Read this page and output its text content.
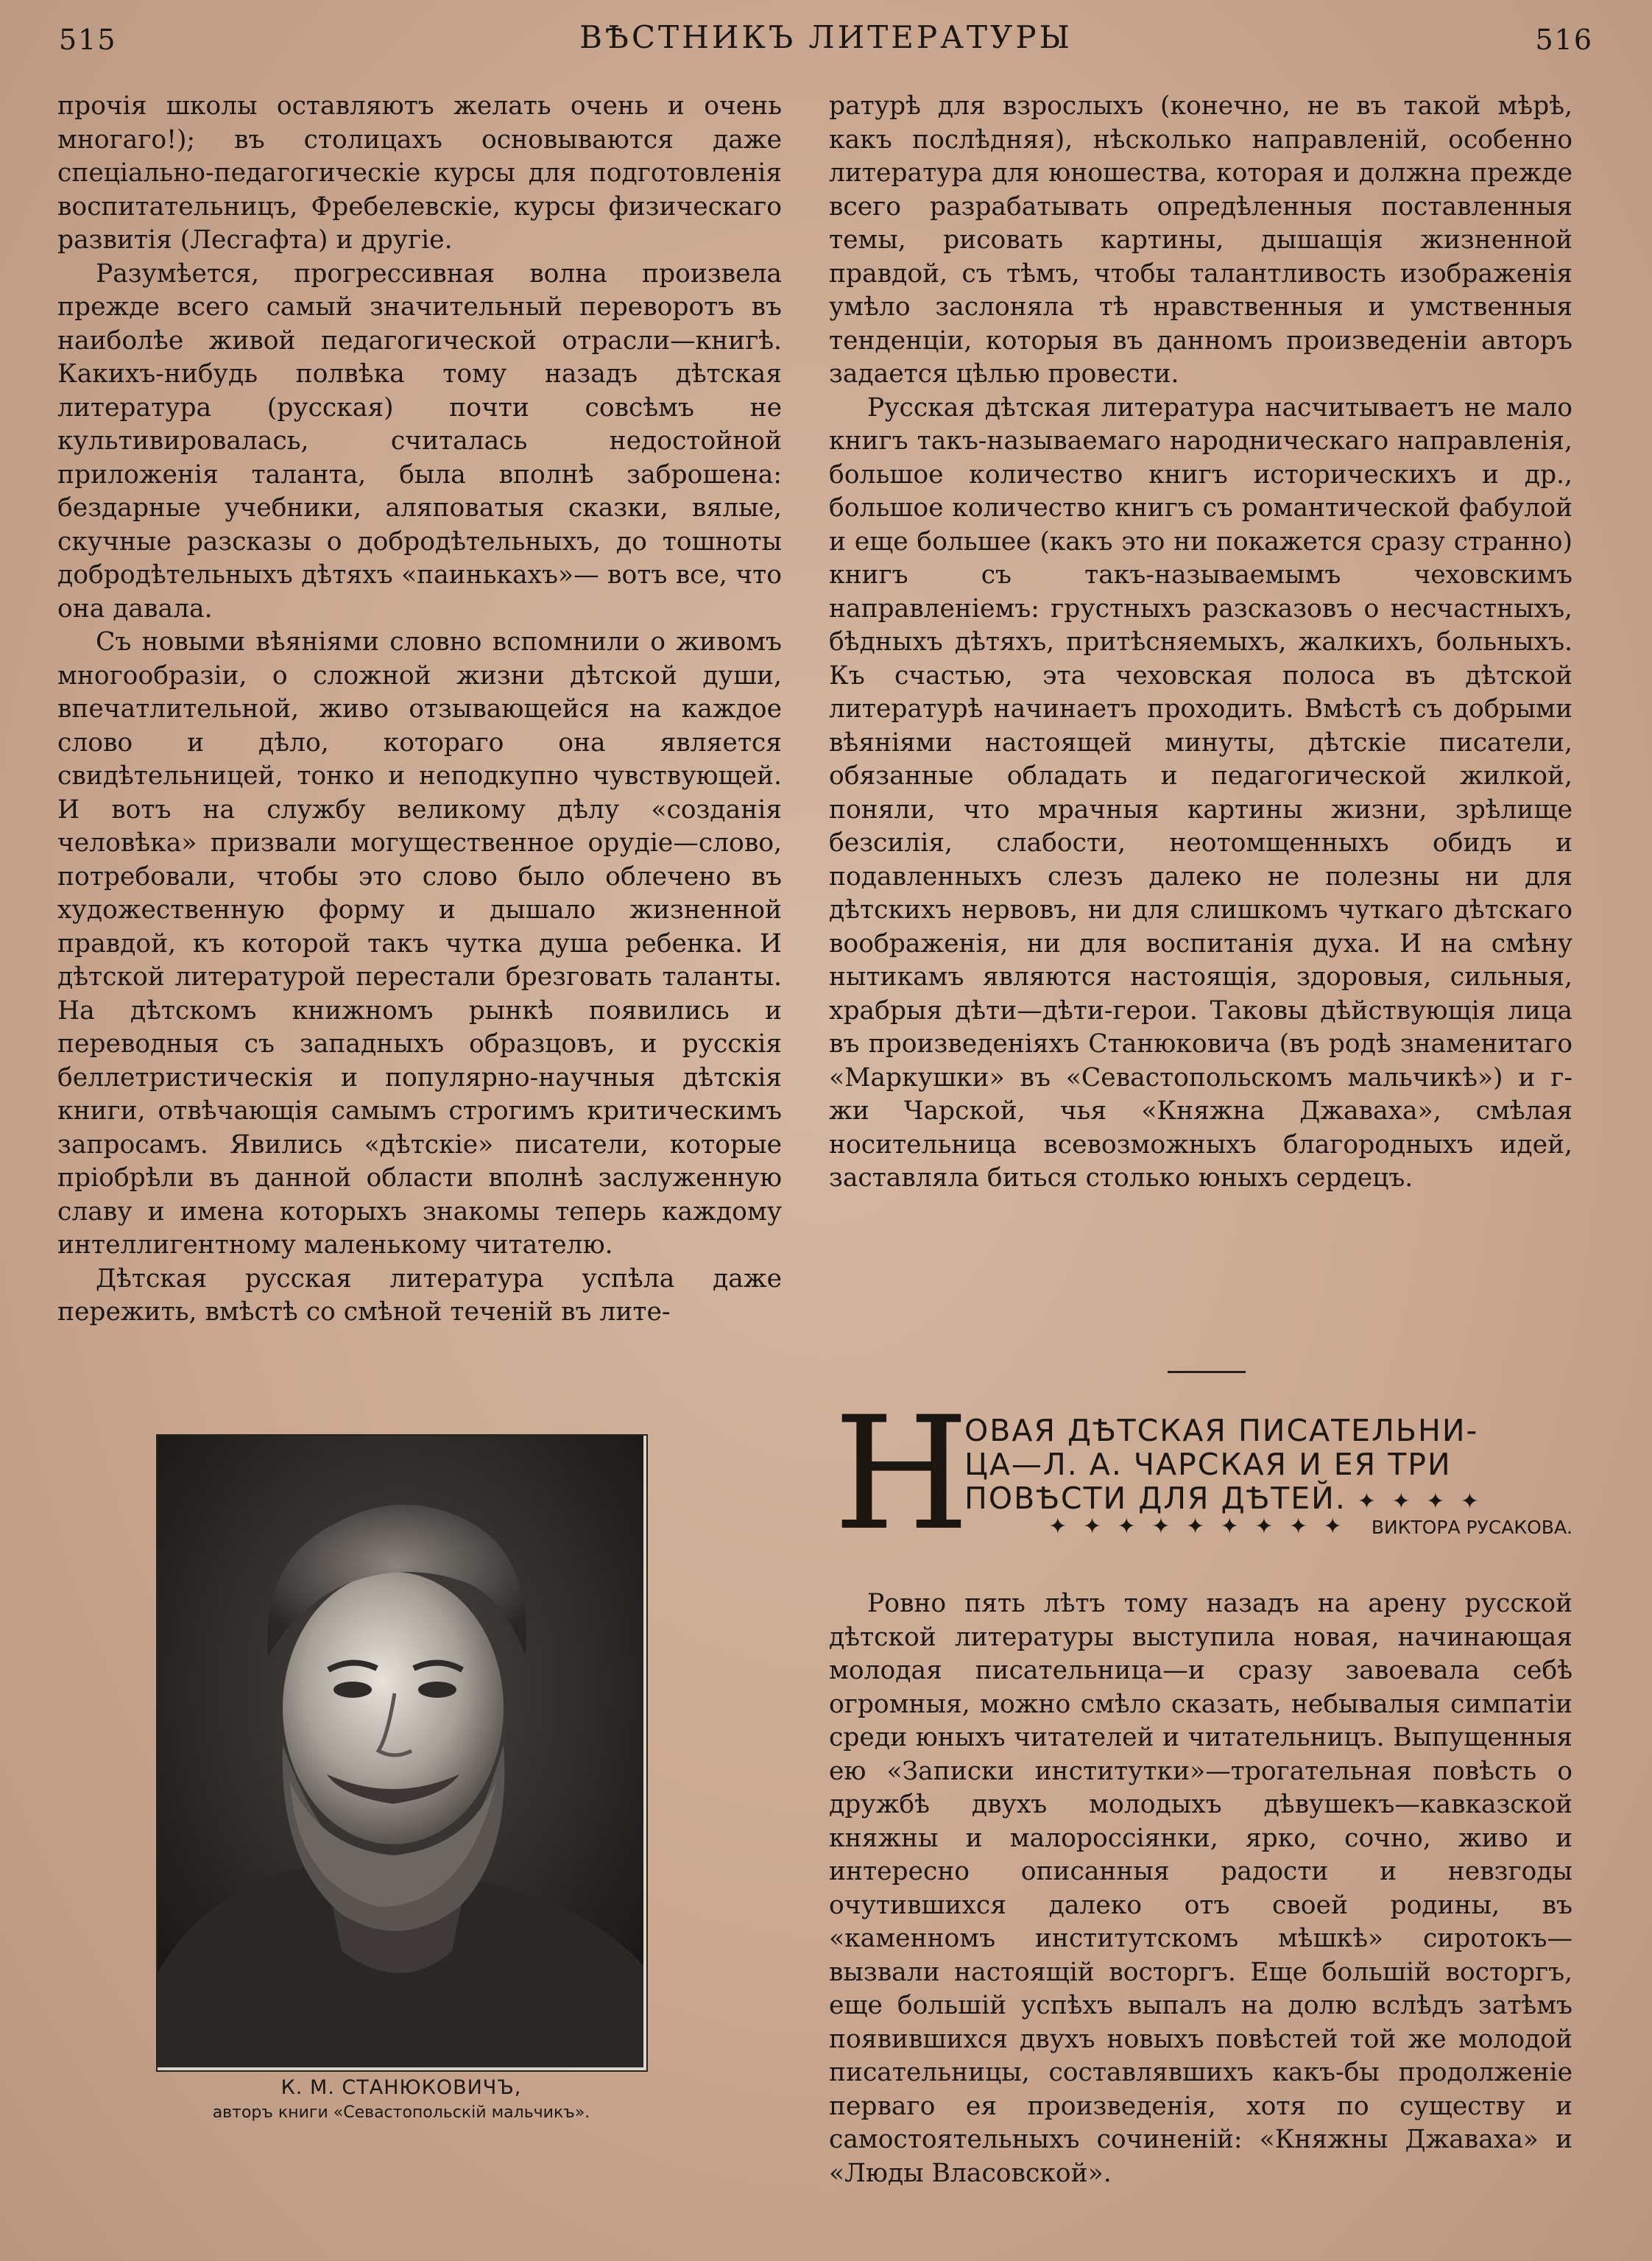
515	ВѢСТНИКЪ ЛИТЕРАТУРЫ	516

прочія школы оставляютъ желать очень и очень многаго!); въ столицахъ основываются даже спеціально-педагогическіе курсы для подготовленія воспитательницъ, Фребелевскіе, курсы физическаго развитія (Лесгафта) и другіе.

Разумѣется, прогрессивная волна произвела прежде всего самый значительный переворотъ въ наиболѣе живой педагогической отрасли—книгѣ. Какихъ-нибудь полвѣка тому назадъ дѣтская литература (русская) почти совсѣмъ не культивировалась, считалась недостойной приложенія таланта, была вполнѣ заброшена: бездарные учебники, аляповатыя сказки, вялые, скучные разсказы о добродѣтельныхъ, до тошноты добродѣтельныхъ дѣтяхъ «паинькахъ»— вотъ все, что она давала.

Съ новыми вѣяніями словно вспомнили о живомъ многообразіи, о сложной жизни дѣтской души, впечатлительной, живо отзывающейся на каждое слово и дѣло, котораго она является свидѣтельницей, тонко и неподкупно чувствующей. И вотъ на службу великому дѣлу «созданія человѣка» призвали могущественное орудіе—слово, потребовали, чтобы это слово было облечено въ художественную форму и дышало жизненной правдой, къ которой такъ чутка душа ребенка. И дѣтской литературой перестали брезговать таланты. На дѣтскомъ книжномъ рынкѣ появились и переводныя съ западныхъ образцовъ, и русскія беллетристическія и популярно-научныя дѣтскія книги, отвѣчающія самымъ строгимъ критическимъ запросамъ. Явились «дѣтскіе» писатели, которые пріобрѣли въ данной области вполнѣ заслуженную славу и имена которыхъ знакомы теперь каждому интеллигентному маленькому читателю.

Дѣтская русская литература успѣла даже пережить, вмѣстѣ со смѣной теченій въ лите-

ратурѣ для взрослыхъ (конечно, не въ такой мѣрѣ, какъ послѣдняя), нѣсколько направленій, особенно литература для юношества, которая и должна прежде всего разрабатывать опредѣленныя поставленныя темы, рисовать картины, дышащія жизненной правдой, съ тѣмъ, чтобы талантливость изображенія умѣло заслоняла тѣ нравственныя и умственныя тенденціи, которыя въ данномъ произведеніи авторъ задается цѣлью провести.

Русская дѣтская литература насчитываетъ не мало книгъ такъ-называемаго народническаго направленія, большое количество книгъ историческихъ и др., большое количество книгъ съ романтической фабулой и еще большее (какъ это ни покажется сразу странно) книгъ съ такъ-называемымъ чеховскимъ направленіемъ: грустныхъ разсказовъ о несчастныхъ, бѣдныхъ дѣтяхъ, притѣсняемыхъ, жалкихъ, больныхъ. Къ счастью, эта чеховская полоса въ дѣтской литературѣ начинаетъ проходить. Вмѣстѣ съ добрыми вѣяніями настоящей минуты, дѣтскіе писатели, обязанные обладать и педагогической жилкой, поняли, что мрачныя картины жизни, зрѣлище безсилія, слабости, неотомщенныхъ обидъ и подавленныхъ слезъ далеко не полезны ни для дѣтскихъ нервовъ, ни для слишкомъ чуткаго дѣтскаго воображенія, ни для воспитанія духа. И на смѣну нытикамъ являются настоящія, здоровыя, сильныя, храбрыя дѣти—дѣти-герои. Таковы дѣйствующія лица въ произведеніяхъ Станюковича (въ родѣ знаменитаго «Маркушки» въ «Севастопольскомъ мальчикѣ») и г-жи Чарской, чья «Княжна Джаваха», смѣлая носительница всевозможныхъ благородныхъ идей, заставляла биться столько юныхъ сердецъ.

К. М. СТАНЮКОВИЧЪ,
авторъ книги «Севастопольскій мальчикъ».
Н
ОВАЯ ДѢТСКАЯ ПИСАТЕЛЬНИ-
ЦА—Л. А. ЧАРСКАЯ И ЕЯ ТРИ
ПОВѢСТИ ДЛЯ ДѢТЕЙ. ✦ ✦ ✦ ✦
✦ ✦ ✦ ✦ ✦ ✦ ✦ ✦ ✦ ВИКТОРА РУСАКОВА.

Ровно пять лѣтъ тому назадъ на арену русской дѣтской литературы выступила новая, начинающая молодая писательница—и сразу завоевала себѣ огромныя, можно смѣло сказать, небывалыя симпатіи среди юныхъ читателей и читательницъ. Выпущенныя ею «Записки институтки»—трогательная повѣсть о дружбѣ двухъ молодыхъ дѣвушекъ—кавказской княжны и малороссіянки, ярко, сочно, живо и интересно описанныя радости и невзгоды очутившихся далеко отъ своей родины, въ «каменномъ институтскомъ мѣшкѣ» сиротокъ—вызвали настоящій восторгъ. Еще большій восторгъ, еще большій успѣхъ выпалъ на долю вслѣдъ затѣмъ появившихся двухъ новыхъ повѣстей той же молодой писательницы, составлявшихъ какъ-бы продолженіе перваго ея произведенія, хотя по существу и самостоятельныхъ сочиненій: «Княжны Джаваха» и «Люды Власовской».
